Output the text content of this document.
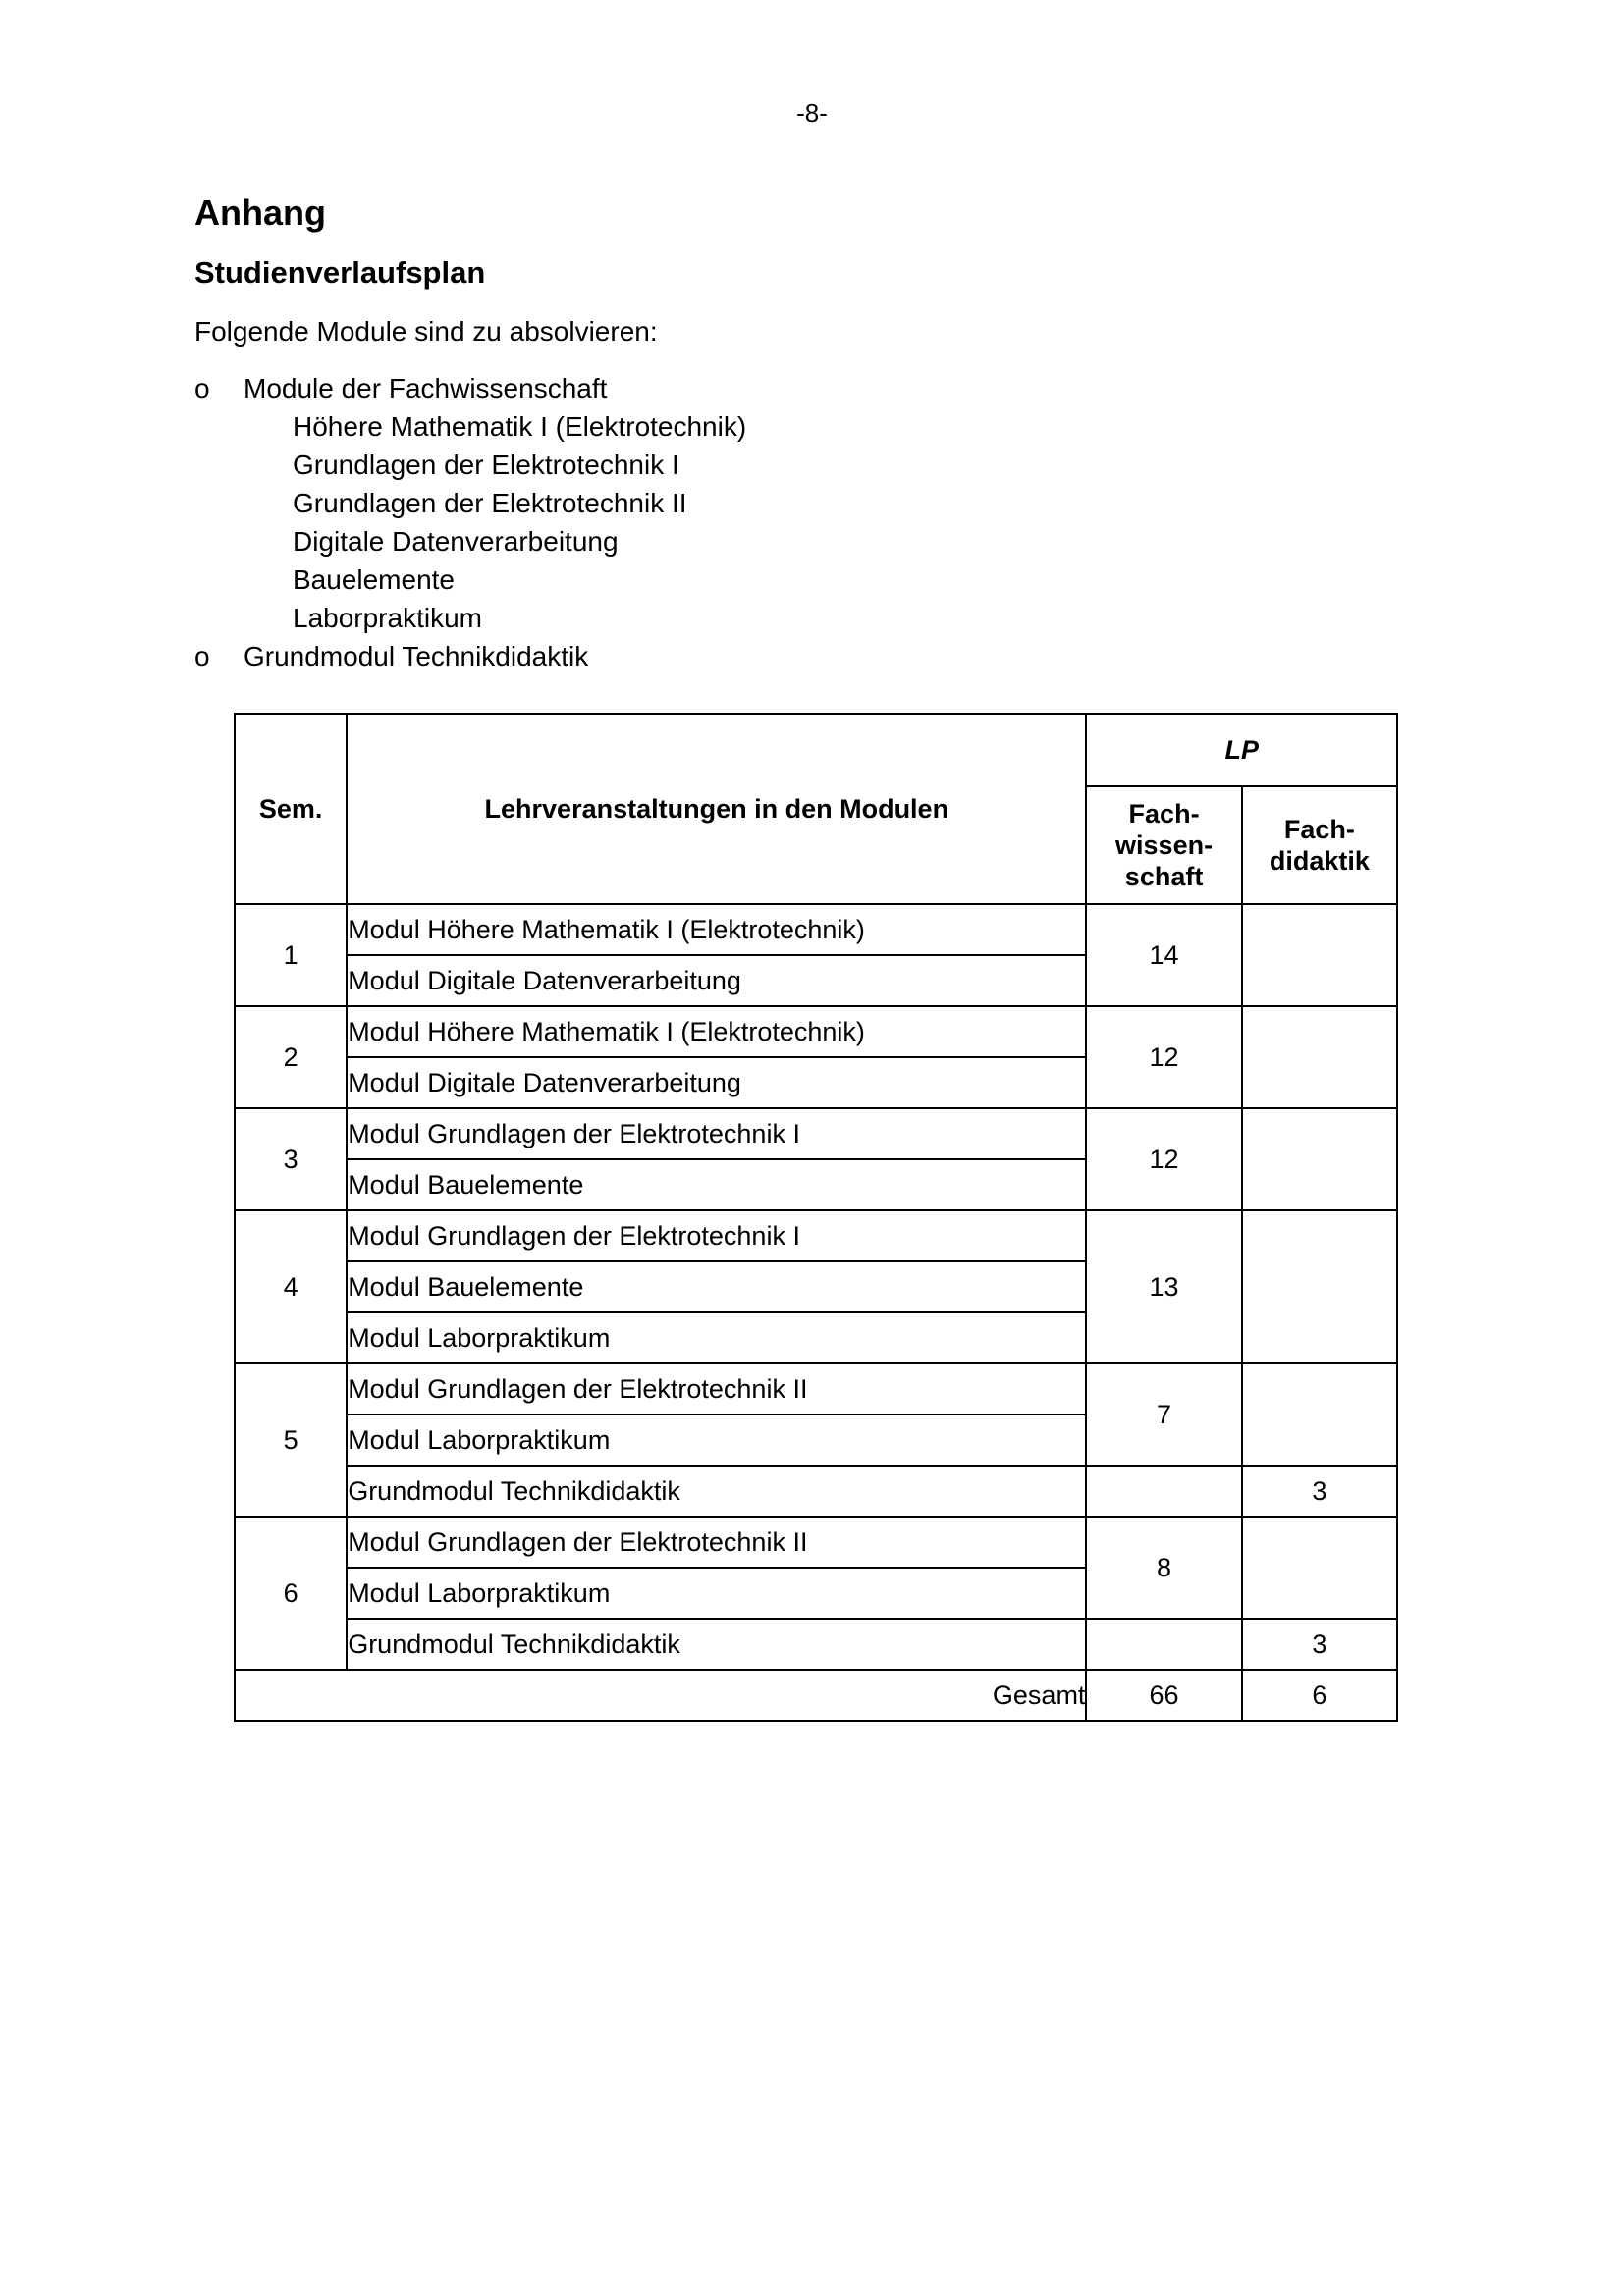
-8-
Anhang
Studienverlaufsplan
Folgende Module sind zu absolvieren:
o Module der Fachwissenschaft
Höhere Mathematik I (Elektrotechnik)
Grundlagen der Elektrotechnik I
Grundlagen der Elektrotechnik II
Digitale Datenverarbeitung
Bauelemente
Laborpraktikum
o Grundmodul Technikdidaktik
Sem.	Lehrveranstaltungen in den Modulen	LP	
		Fach-
wissen-
schaft	Fach-
didaktik
1	Modul Höhere Mathematik I (Elektrotechnik)	14	
	Modul Digitale Datenverarbeitung		
2	Modul Höhere Mathematik I (Elektrotechnik)	12	
	Modul Digitale Datenverarbeitung		
3	Modul Grundlagen der Elektrotechnik I	12	
	Modul Bauelemente		
4	Modul Grundlagen der Elektrotechnik I	13	
	Modul Bauelemente		
	Modul Laborpraktikum		
5	Modul Grundlagen der Elektrotechnik II	7	
	Modul Laborpraktikum		
	Grundmodul Technikdidaktik		3
6	Modul Grundlagen der Elektrotechnik II	8	
	Modul Laborpraktikum		
	Grundmodul Technikdidaktik		3
Gesamt		66	6
